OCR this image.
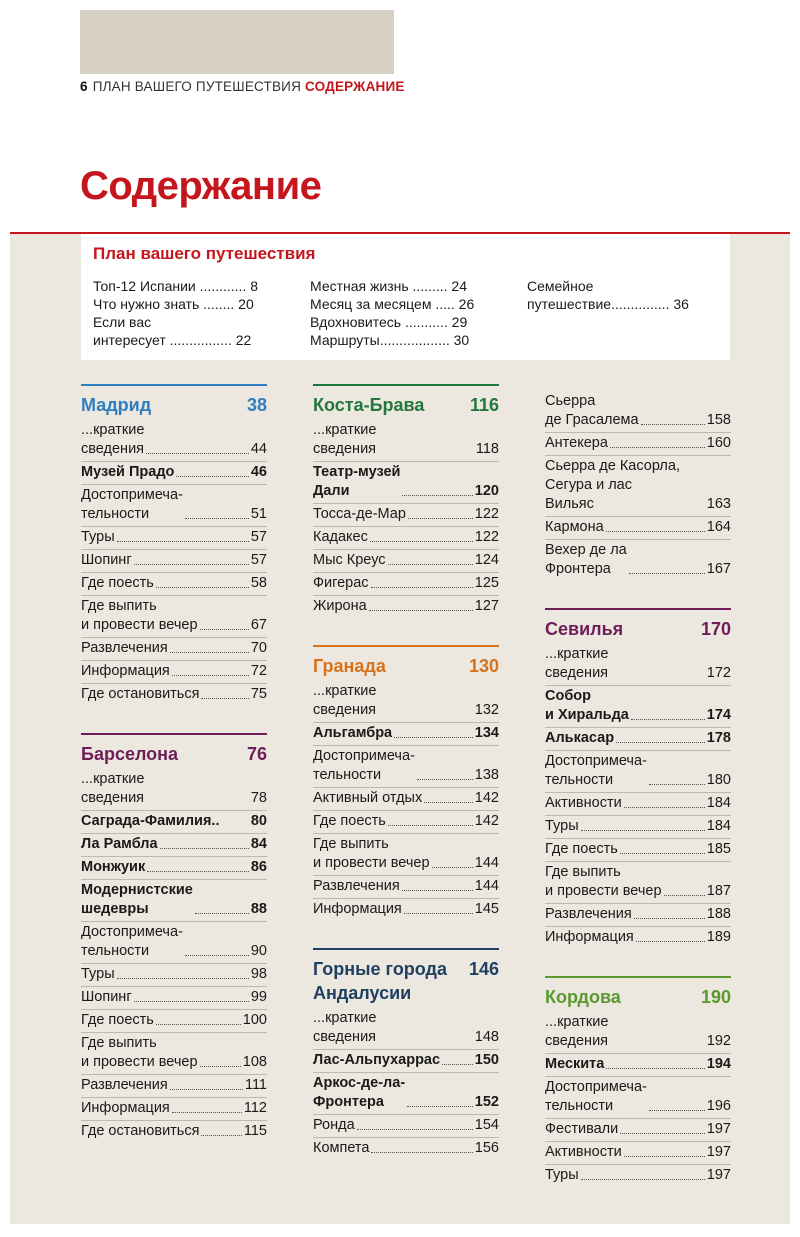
6 ПЛАН ВАШЕГО ПУТЕШЕСТВИЯ СОДЕРЖАНИЕ
Содержание
План вашего путешествия
Топ-12 Испании ............ 8
Что нужно знать ........ 20
Если вас
интересует ................ 22
Местная жизнь ......... 24
Месяц за месяцем ..... 26
Вдохновитесь ........... 29
Маршруты.................. 30
Семейное
путешествие............... 36
Мадрид	38
...краткие
сведения	44
Музей Прадо	46
Достопримеча-
тельности	51
Туры	57
Шопинг	57
Где поесть	58
Где выпить
и провести вечер	67
Развлечения	70
Информация	72
Где остановиться	75
Барселона	76
...краткие
сведения	78
Саграда-Фамилия.. 80
Ла Рамбла	84
Монжуик	86
Модернистские
шедевры	88
Достопримеча-
тельности	90
Туры	98
Шопинг	99
Где поесть	100
Где выпить
и провести вечер	108
Развлечения	111
Информация	112
Где остановиться	115
Коста-Брава	116
...краткие
сведения	118
Театр-музей
Дали	120
Тосса-де-Мар	122
Кадакес	122
Мыс Креус	124
Фигерас	125
Жирона	127
Гранада	130
...краткие
сведения	132
Альгамбра	134
Достопримеча-
тельности	138
Активный отдых	142
Где поесть	142
Где выпить
и провести вечер	144
Развлечения	144
Информация	145
Горные города
Андалусии
146
...краткие
сведения	148
Лас-Альпухаррас 150
Аркос-де-ла-
Фронтера	152
Ронда	154
Компета	156
Сьерра
де Грасалема	158
Антекера	160
Сьерра де Касорла,
Сегура и лас
Вильяс	163
Кармона	164
Вехер де ла
Фронтера	167
Севилья	170
...краткие
сведения	172
Собор
и Хиральда	174
Алькасар	178
Достопримеча-
тельности	180
Активности	184
Туры	184
Где поесть	185
Где выпить
и провести вечер	187
Развлечения	188
Информация	189
Кордова	190
...краткие
сведения	192
Мескита	194
Достопримеча-
тельности	196
Фестивали	197
Активности	197
Туры	197
